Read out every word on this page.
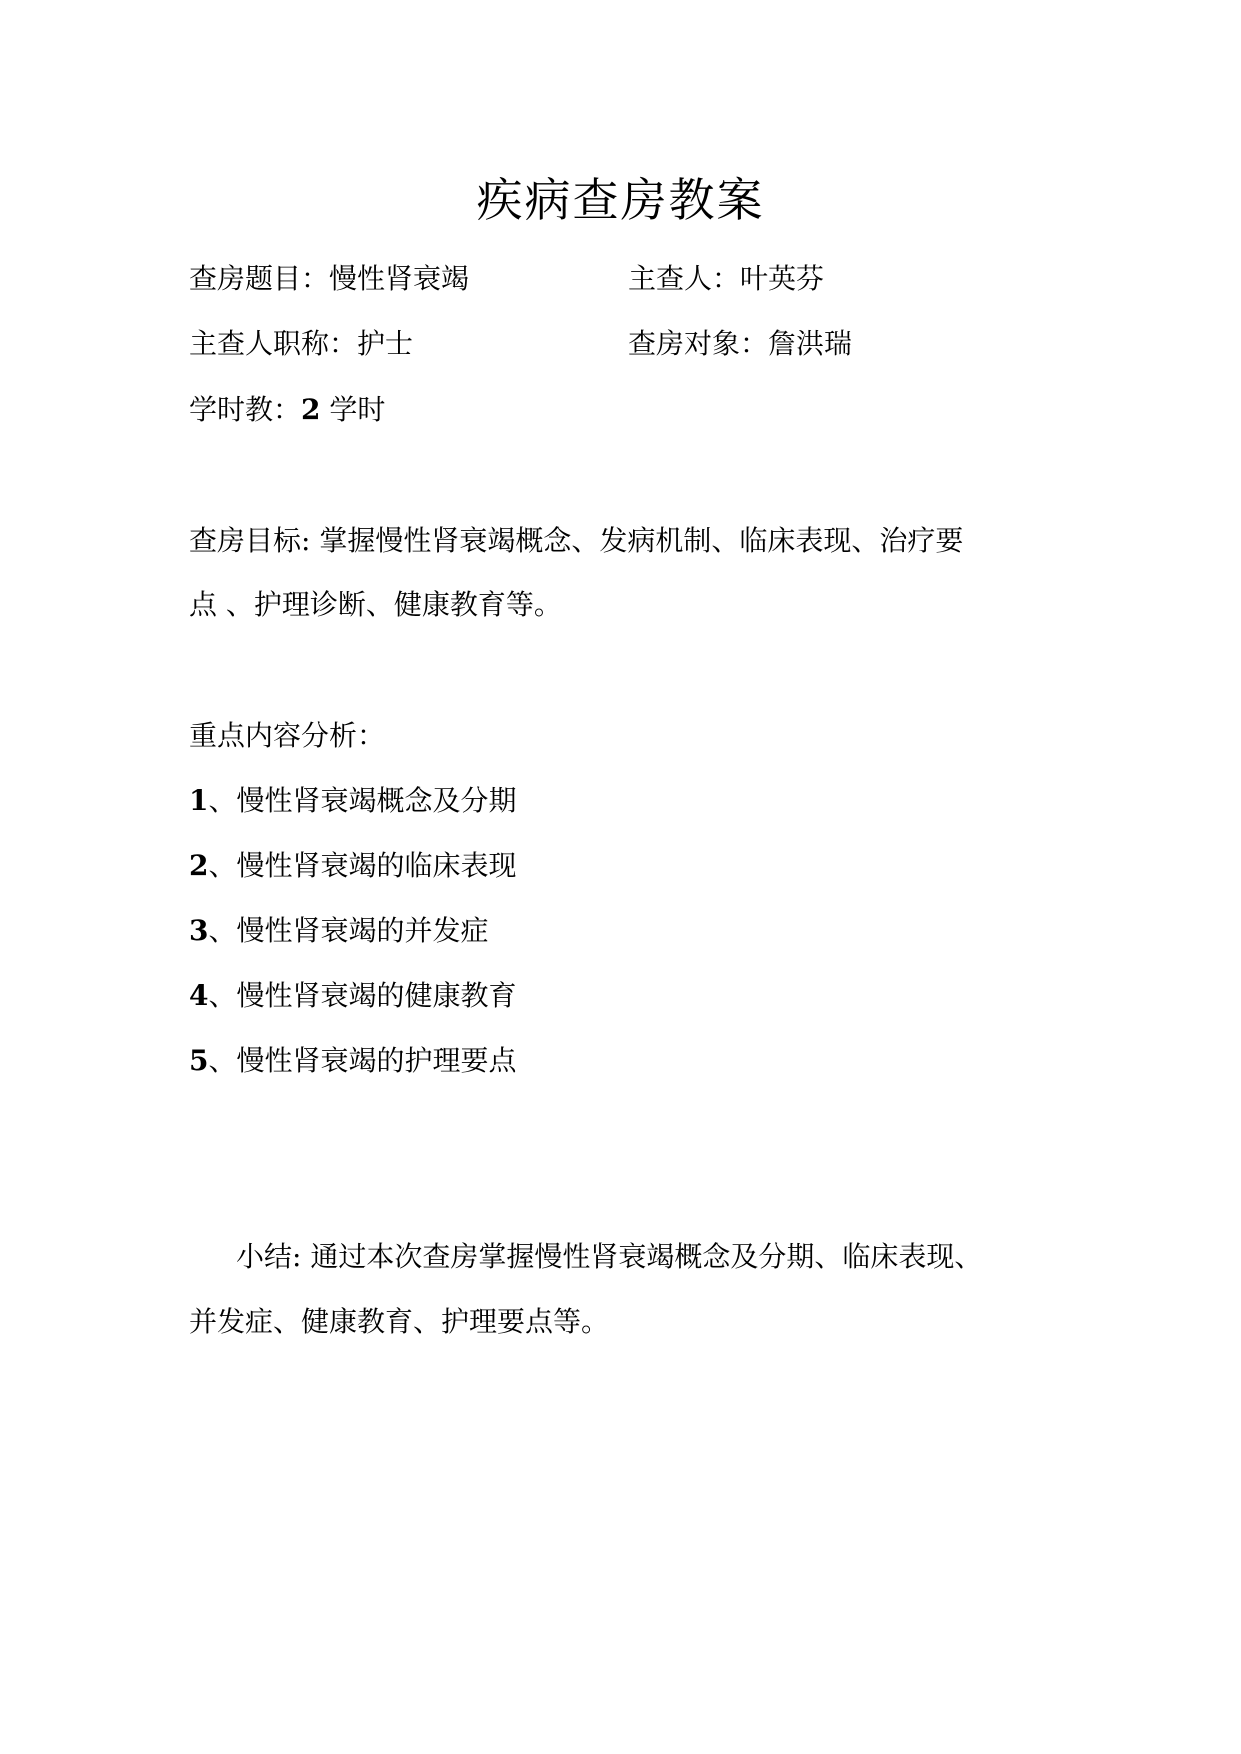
疾病查房教案
查房题目：慢性肾衰竭	主查人：叶英芬
主查人职称：护士	查房对象：詹洪瑞
学时教：2 学时
查房目标: 掌握慢性肾衰竭概念、发病机制、临床表现、治疗要
点 、护理诊断、健康教育等。
重点内容分析：
1、慢性肾衰竭概念及分期
2、慢性肾衰竭的临床表现
3、慢性肾衰竭的并发症
4、慢性肾衰竭的健康教育
5、慢性肾衰竭的护理要点
小结: 通过本次查房掌握慢性肾衰竭概念及分期、临床表现、
并发症、健康教育、护理要点等。
